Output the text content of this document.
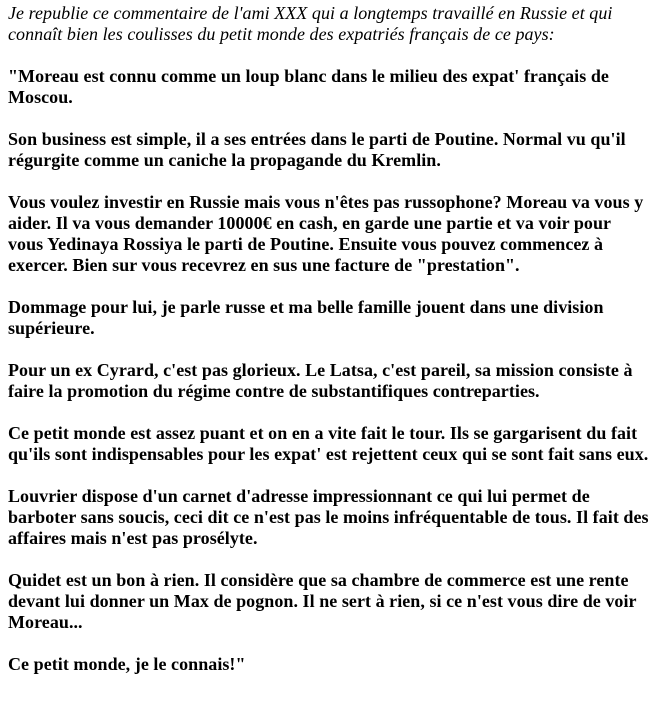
Je republie ce commentaire de l'ami XXX qui a longtemps travaillé en Russie et qui connaît bien les coulisses du petit monde des expatriés français de ce pays:

"Moreau est connu comme un loup blanc dans le milieu des expat' français de Moscou.

Son business est simple, il a ses entrées dans le parti de Poutine. Normal vu qu'il régurgite comme un caniche la propagande du Kremlin.

Vous voulez investir en Russie mais vous n'êtes pas russophone? Moreau va vous y aider. Il va vous demander 10000€ en cash, en garde une partie et va voir pour vous Yedinaya Rossiya le parti de Poutine. Ensuite vous pouvez commencez à exercer. Bien sur vous recevrez en sus une facture de "prestation".

Dommage pour lui, je parle russe et ma belle famille jouent dans une division supérieure.

Pour un ex Cyrard, c'est pas glorieux. Le Latsa, c'est pareil, sa mission consiste à faire la promotion du régime contre de substantifiques contreparties.

Ce petit monde est assez puant et on en a vite fait le tour. Ils se gargarisent du fait qu'ils sont indispensables pour les expat' est rejettent ceux qui se sont fait sans eux.

Louvrier dispose d'un carnet d'adresse impressionnant ce qui lui permet de barboter sans soucis, ceci dit ce n'est pas le moins infréquentable de tous. Il fait des affaires mais n'est pas prosélyte.

Quidet est un bon à rien. Il considère que sa chambre de commerce est une rente devant lui donner un Max de pognon. Il ne sert à rien, si ce n'est vous dire de voir Moreau...

Ce petit monde, je le connais!"
